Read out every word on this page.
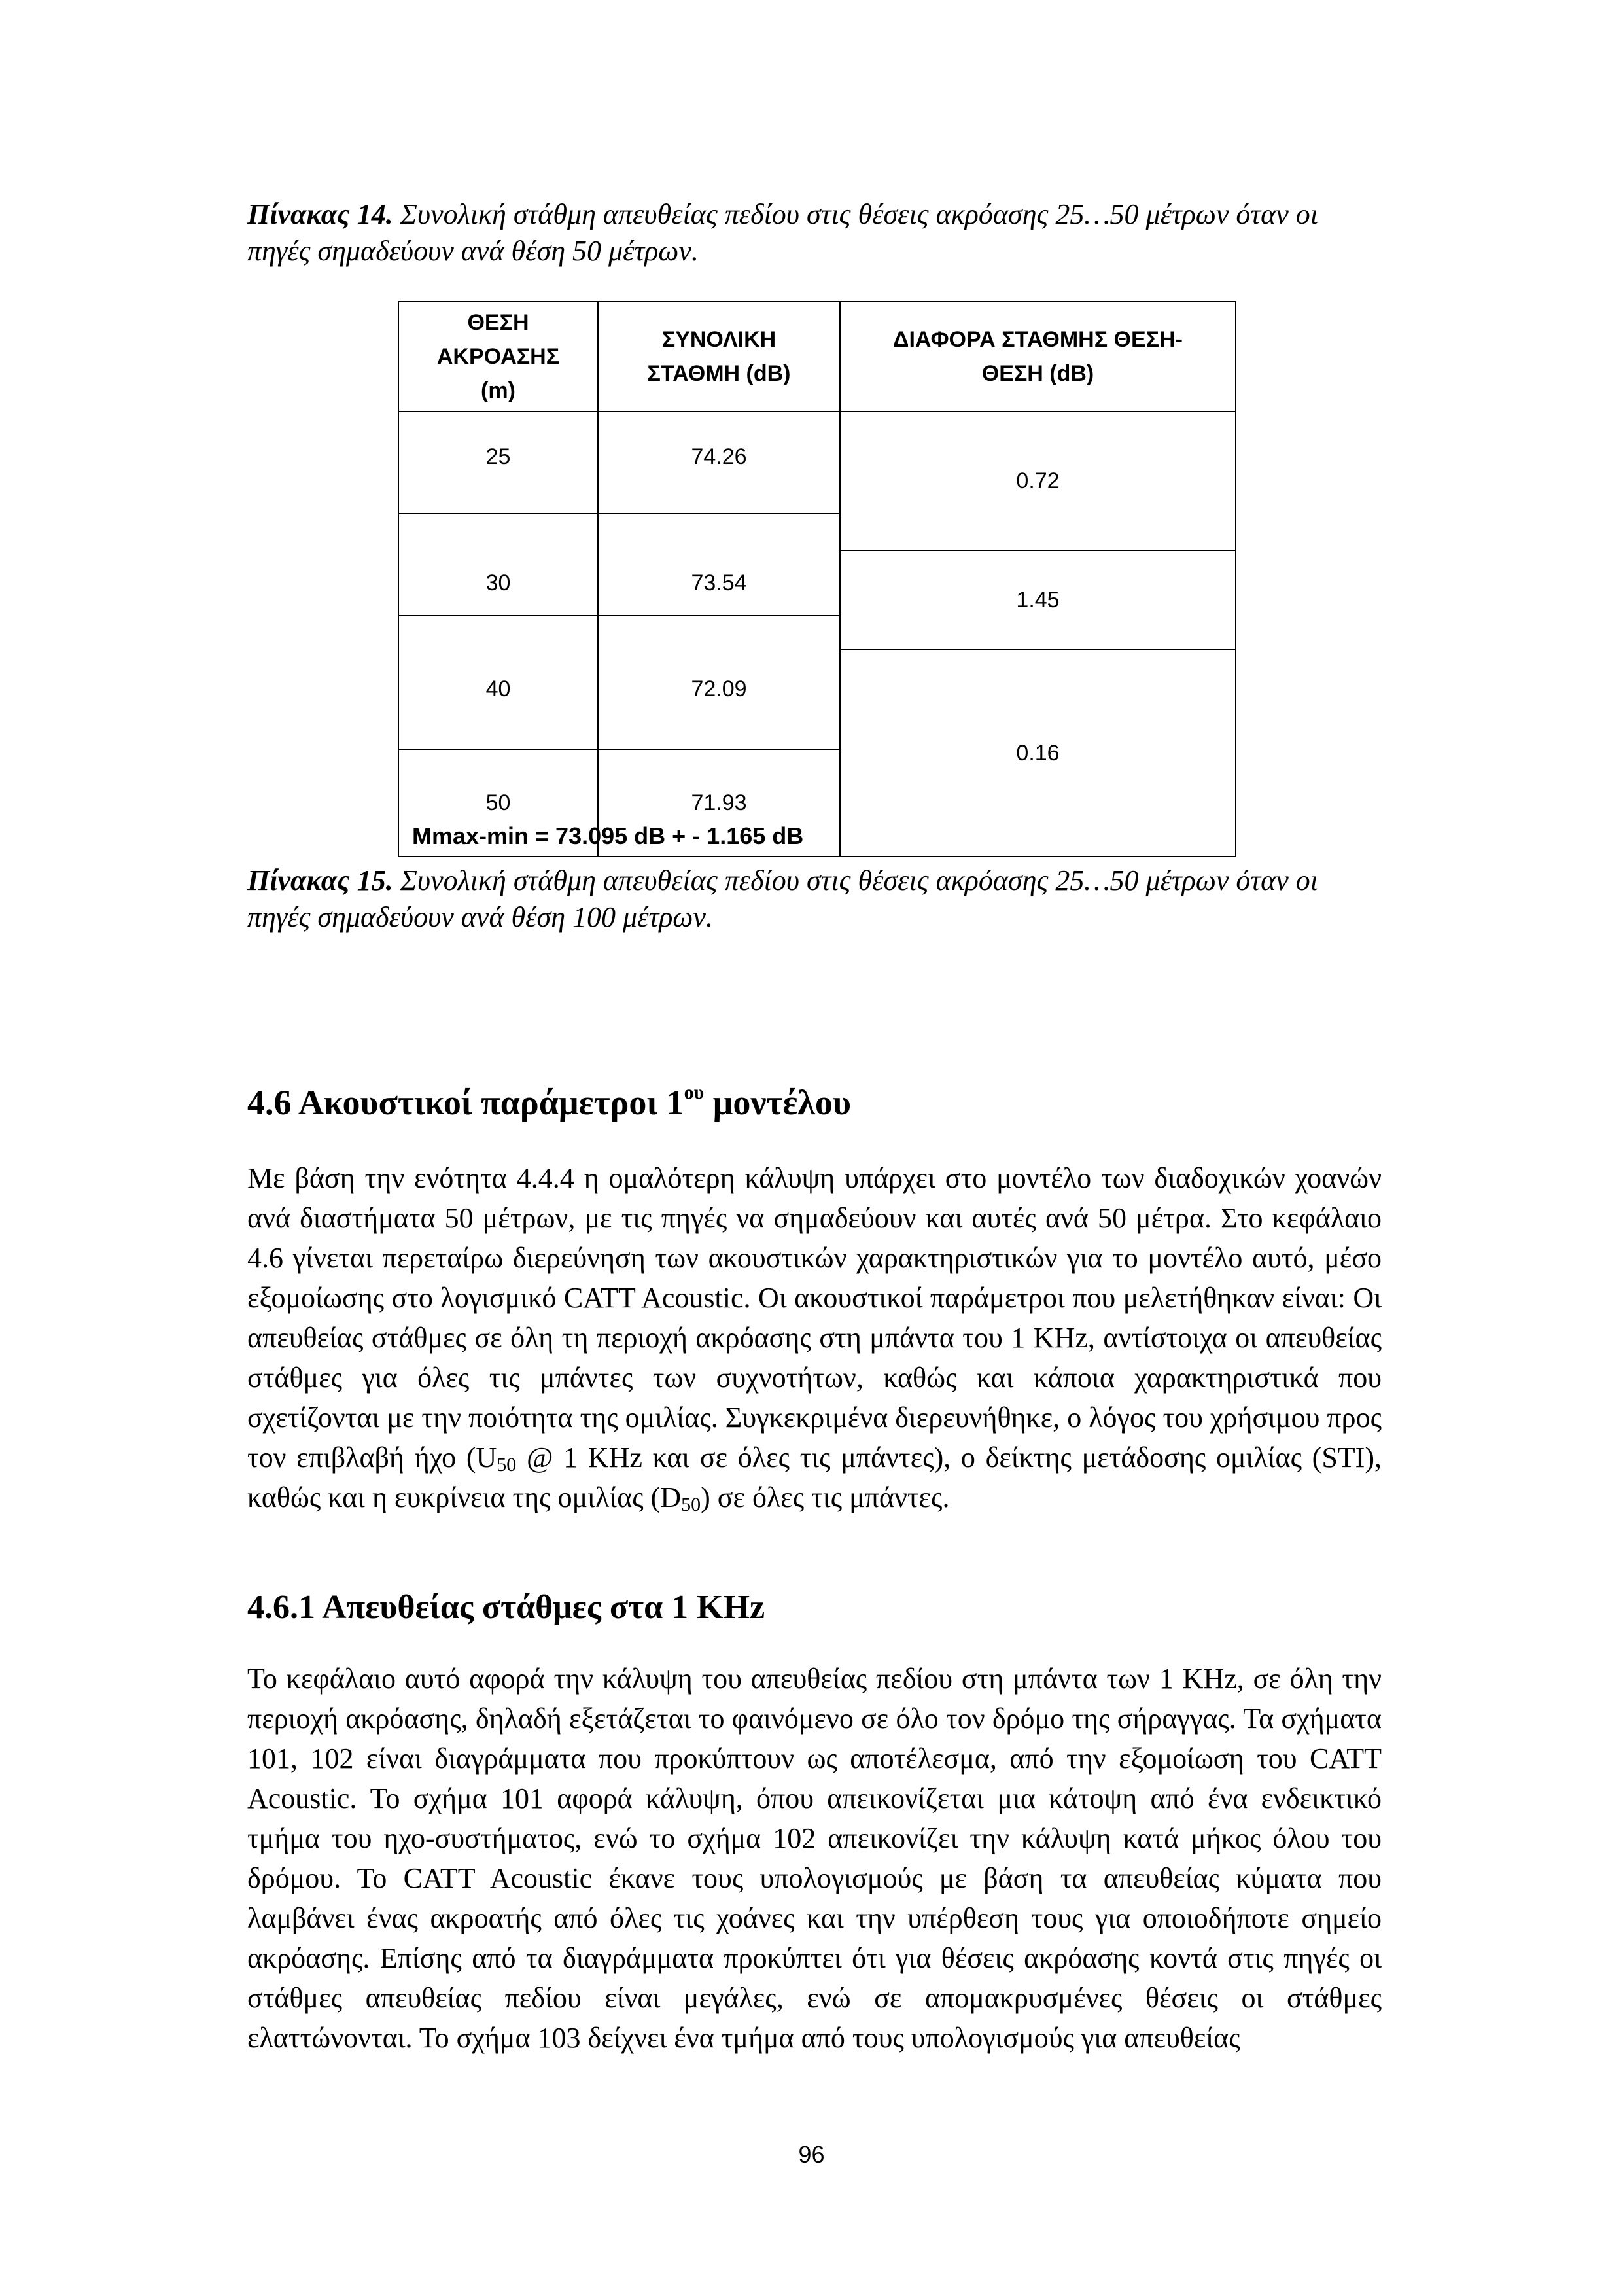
Πίνακας 14. Συνολική στάθμη απευθείας πεδίου στις θέσεις ακρόασης 25…50 μέτρων όταν οι πηγές σημαδεύουν ανά θέση 50 μέτρων.

ΘΕΣΗ
ΑΚΡΟΑΣΗΣ
(m)	ΣΥΝΟΛΙΚΗ
ΣΤΑΘΜΗ (dB)	ΔΙΑΦΟΡΑ ΣΤΑΘΜΗΣ ΘΕΣΗ-
ΘΕΣΗ (dB)
25	74.26	0.72

30	73.54	1.45

40	72.09	0.16
50	71.93	

Mmax-min = 73.095 dB + - 1.165 dB

Πίνακας 15. Συνολική στάθμη απευθείας πεδίου στις θέσεις ακρόασης 25…50 μέτρων όταν οι πηγές σημαδεύουν ανά θέση 100 μέτρων.

4.6 Ακουστικοί παράμετροι $1^{o\upsilon}$ μοντέλου

Με βάση την ενότητα 4.4.4 η ομαλότερη κάλυψη υπάρχει στο μοντέλο των διαδοχικών χοανών ανά διαστήματα 50 μέτρων, με τις πηγές να σημαδεύουν και αυτές ανά 50 μέτρα. Στο κεφάλαιο 4.6 γίνεται περεταίρω διερεύνηση των ακουστικών χαρακτηριστικών για το μοντέλο αυτό, μέσο εξομοίωσης στο λογισμικό CATT Acoustic. Οι ακουστικοί παράμετροι που μελετήθηκαν είναι: Οι απευθείας στάθμες σε όλη τη περιοχή ακρόασης στη μπάντα του 1 KHz, αντίστοιχα οι απευθείας στάθμες για όλες τις μπάντες των συχνοτήτων, καθώς και κάποια χαρακτηριστικά που σχετίζονται με την ποιότητα της ομιλίας. Συγκεκριμένα διερευνήθηκε, ο λόγος του χρήσιμου προς τον επιβλαβή ήχο ($U_{50}$ @ 1 KHz και σε όλες τις μπάντες), ο δείκτης μετάδοσης ομιλίας (STI), καθώς και η ευκρίνεια της ομιλίας $(D_{50})$ σε όλες τις μπάντες.

4.6.1 Απευθείας στάθμες στα 1 KHz

Το κεφάλαιο αυτό αφορά την κάλυψη του απευθείας πεδίου στη μπάντα των 1 KHz, σε όλη την περιοχή ακρόασης, δηλαδή εξετάζεται το φαινόμενο σε όλο τον δρόμο της σήραγγας. Τα σχήματα 101, 102 είναι διαγράμματα που προκύπτουν ως αποτέλεσμα, από την εξομοίωση του CATT Acoustic. Το σχήμα 101 αφορά κάλυψη, όπου απεικονίζεται μια κάτοψη από ένα ενδεικτικό τμήμα του ηχο-συστήματος, ενώ το σχήμα 102 απεικονίζει την κάλυψη κατά μήκος όλου του δρόμου. Το CATT Acoustic έκανε τους υπολογισμούς με βάση τα απευθείας κύματα που λαμβάνει ένας ακροατής από όλες τις χοάνες και την υπέρθεση τους για οποιοδήποτε σημείο ακρόασης. Επίσης από τα διαγράμματα προκύπτει ότι για θέσεις ακρόασης κοντά στις πηγές οι στάθμες απευθείας πεδίου είναι μεγάλες, ενώ σε απομακρυσμένες θέσεις οι στάθμες ελαττώνονται. Το σχήμα 103 δείχνει ένα τμήμα από τους υπολογισμούς για απευθείας

96
